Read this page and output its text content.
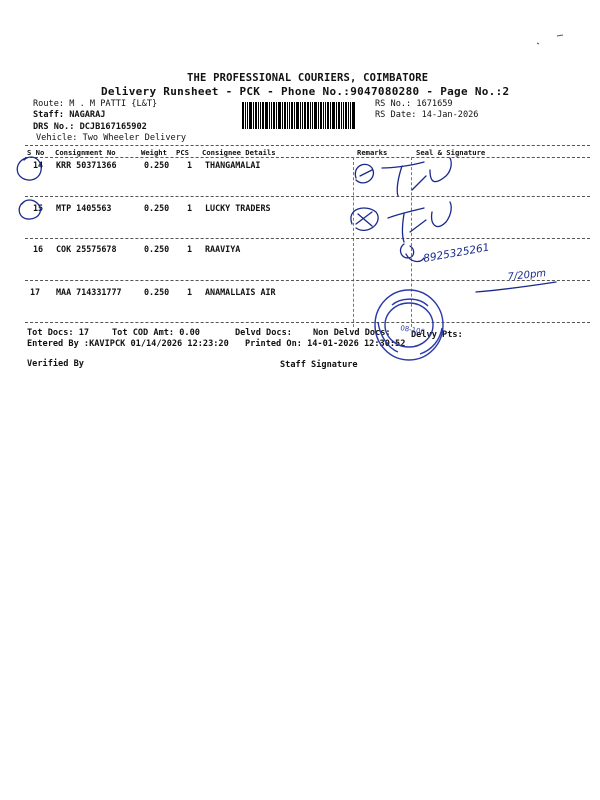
THE PROFESSIONAL COURIERS, COIMBATORE
Delivery Runsheet - PCK - Phone No.:9047080280 - Page No.:2
Route: M . M PATTI {L&T}
Staff: NAGARAJ
DRS No.: DCJB167165902
Vehicle: Two Wheeler Delivery
RS No.: 1671659
RS Date: 14-Jan-2026
S No Consignment No	Weight PCS Consignee Details	Remarks	Seal & Signature
14 KRR 50371366	0.250 1 THANGAMALAI
15 MTP 1405563	0.250 1 LUCKY TRADERS
16 COK 25575678	0.250 1 RAAVIYA
17 MAA 714331777	0.250 1 ANAMALLAIS AIR
Tot Docs: 17	Tot COD Amt: 0.00	Delvd Docs: Non Delvd Docs: Delvy Pts:
Entered By :KAVIPCK 01/14/2026 12:23:20 Printed On: 14-01-2026 12:30:52
Verified By	Staff Signature
8925325261
7/20pm
08-106
